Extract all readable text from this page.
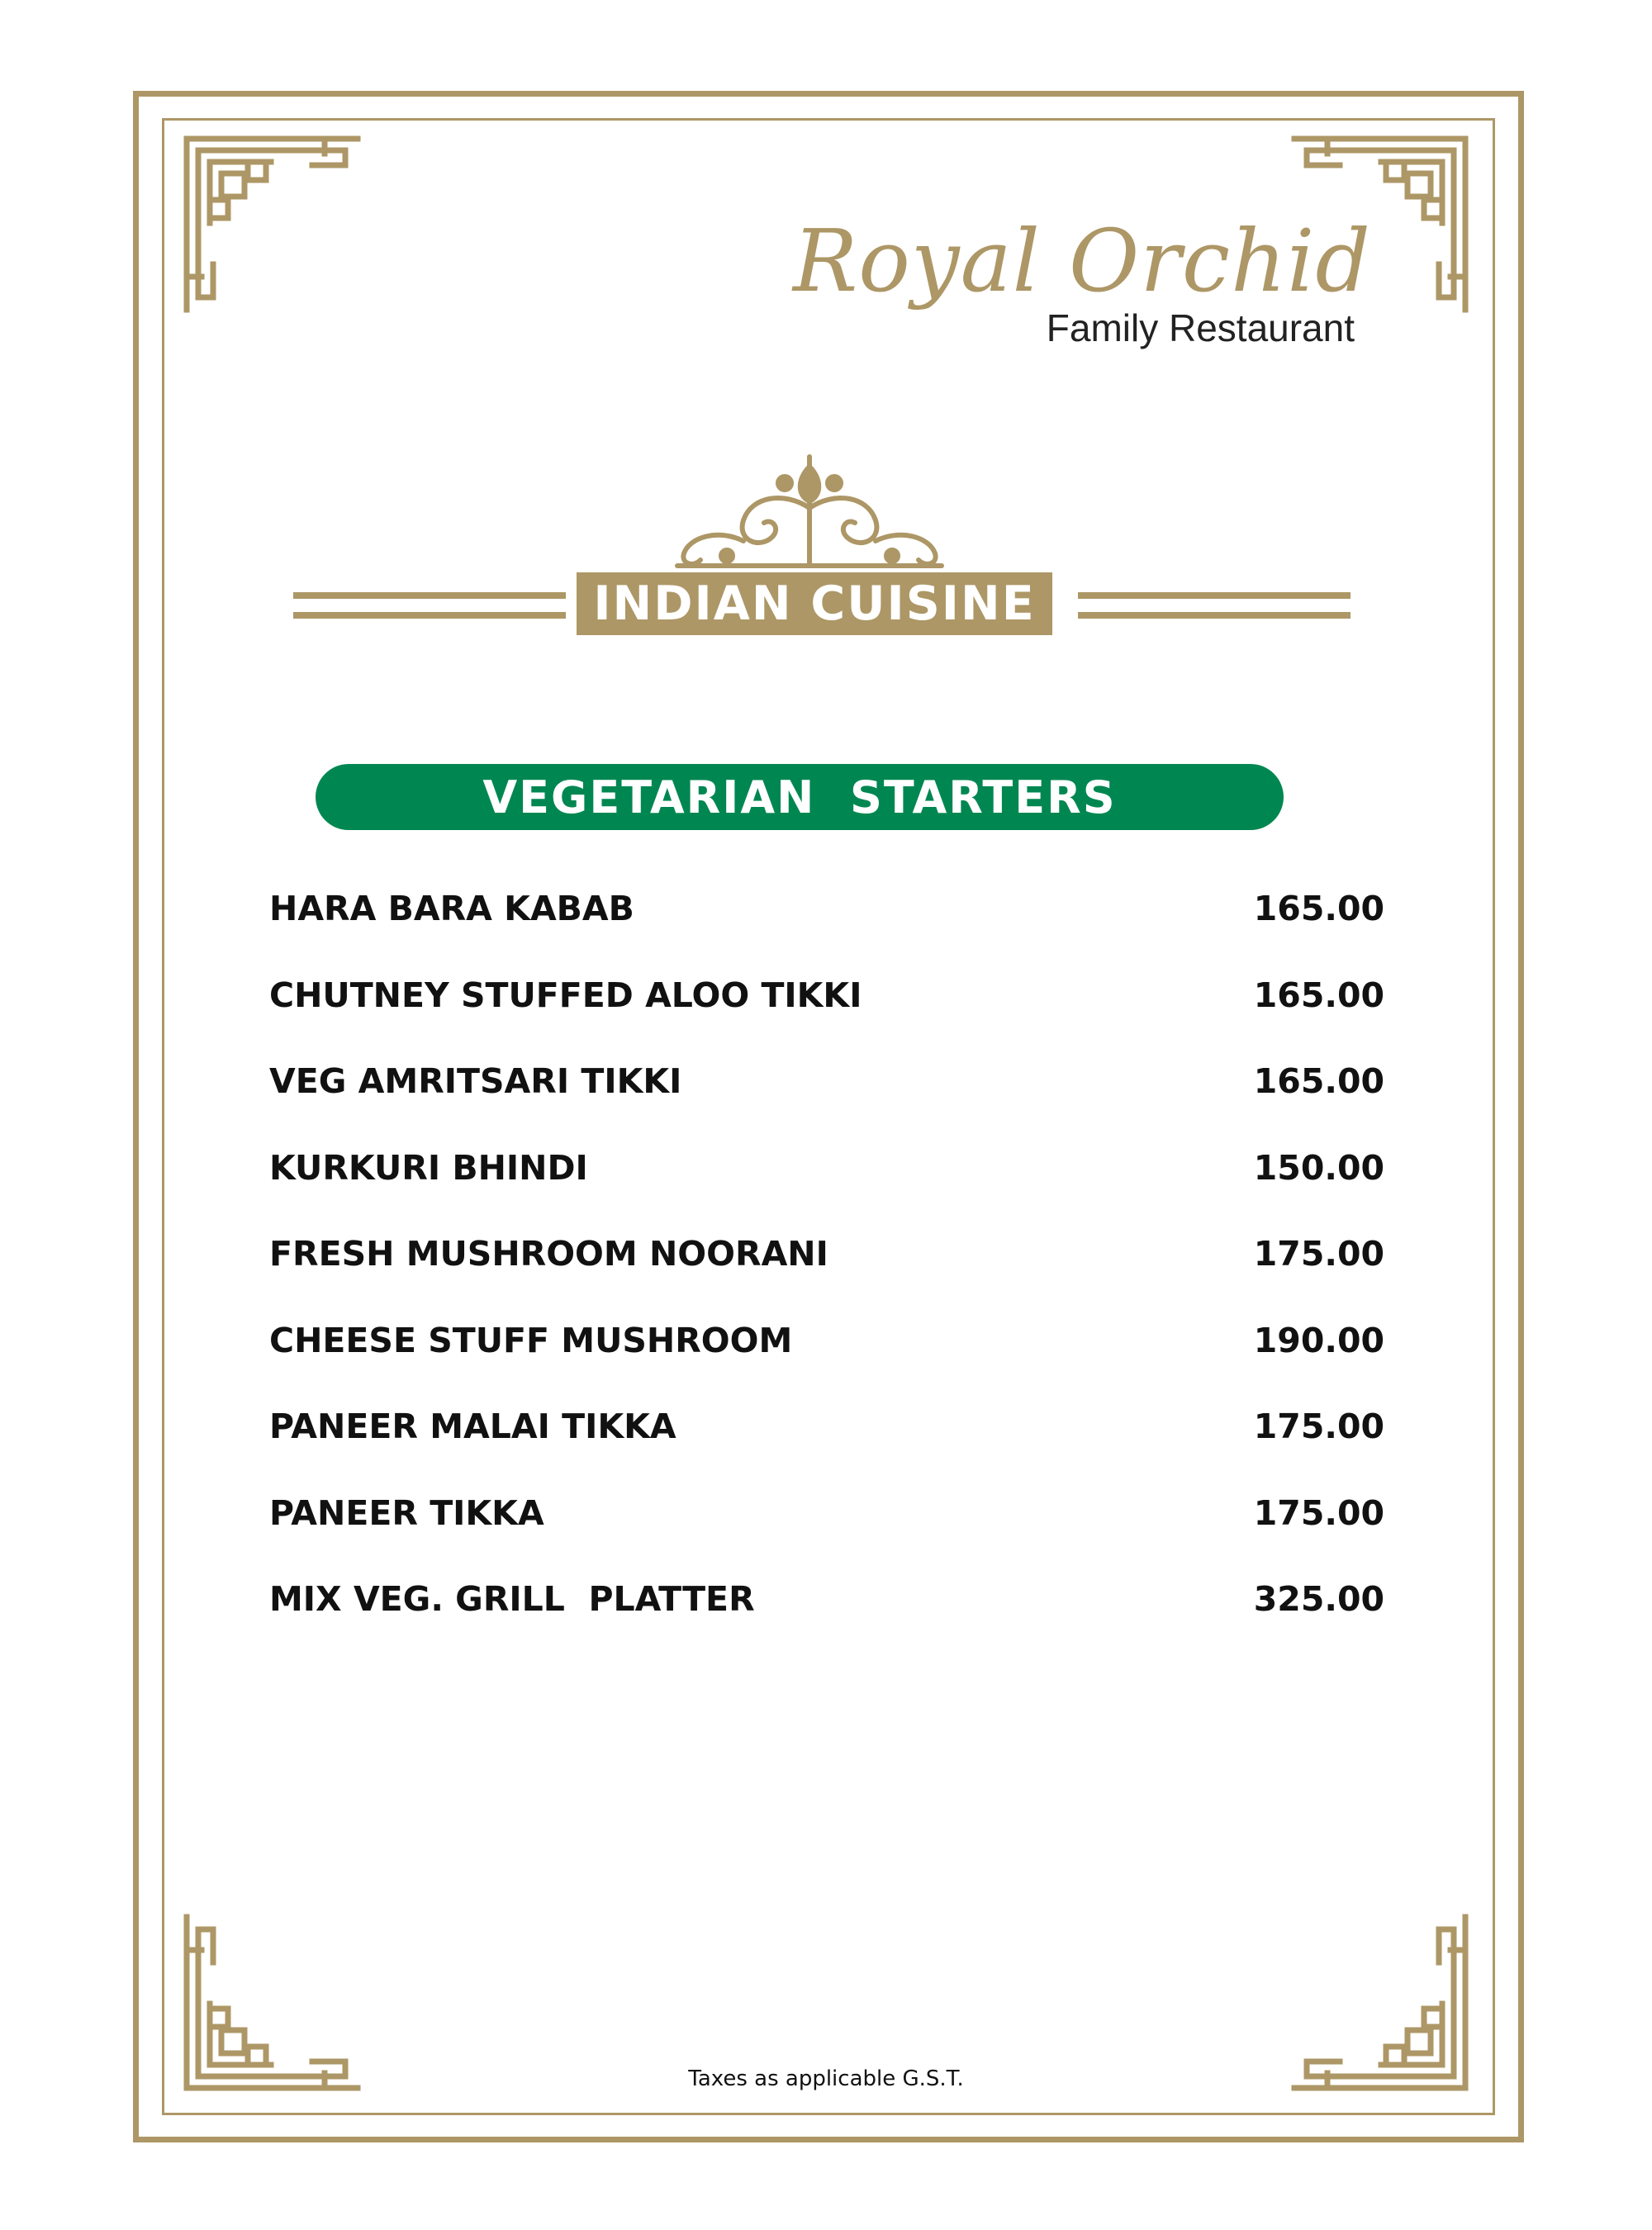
Royal Orchid
Family Restaurant
INDIAN CUISINE
VEGETARIAN  STARTERS
HARA BARA KABAB	165.00
CHUTNEY STUFFED ALOO TIKKI	165.00
VEG AMRITSARI TIKKI	165.00
KURKURI BHINDI	150.00
FRESH MUSHROOM NOORANI	175.00
CHEESE STUFF MUSHROOM	190.00
PANEER MALAI TIKKA	175.00
PANEER TIKKA	175.00
MIX VEG. GRILL  PLATTER	325.00
Taxes as applicable G.S.T.
